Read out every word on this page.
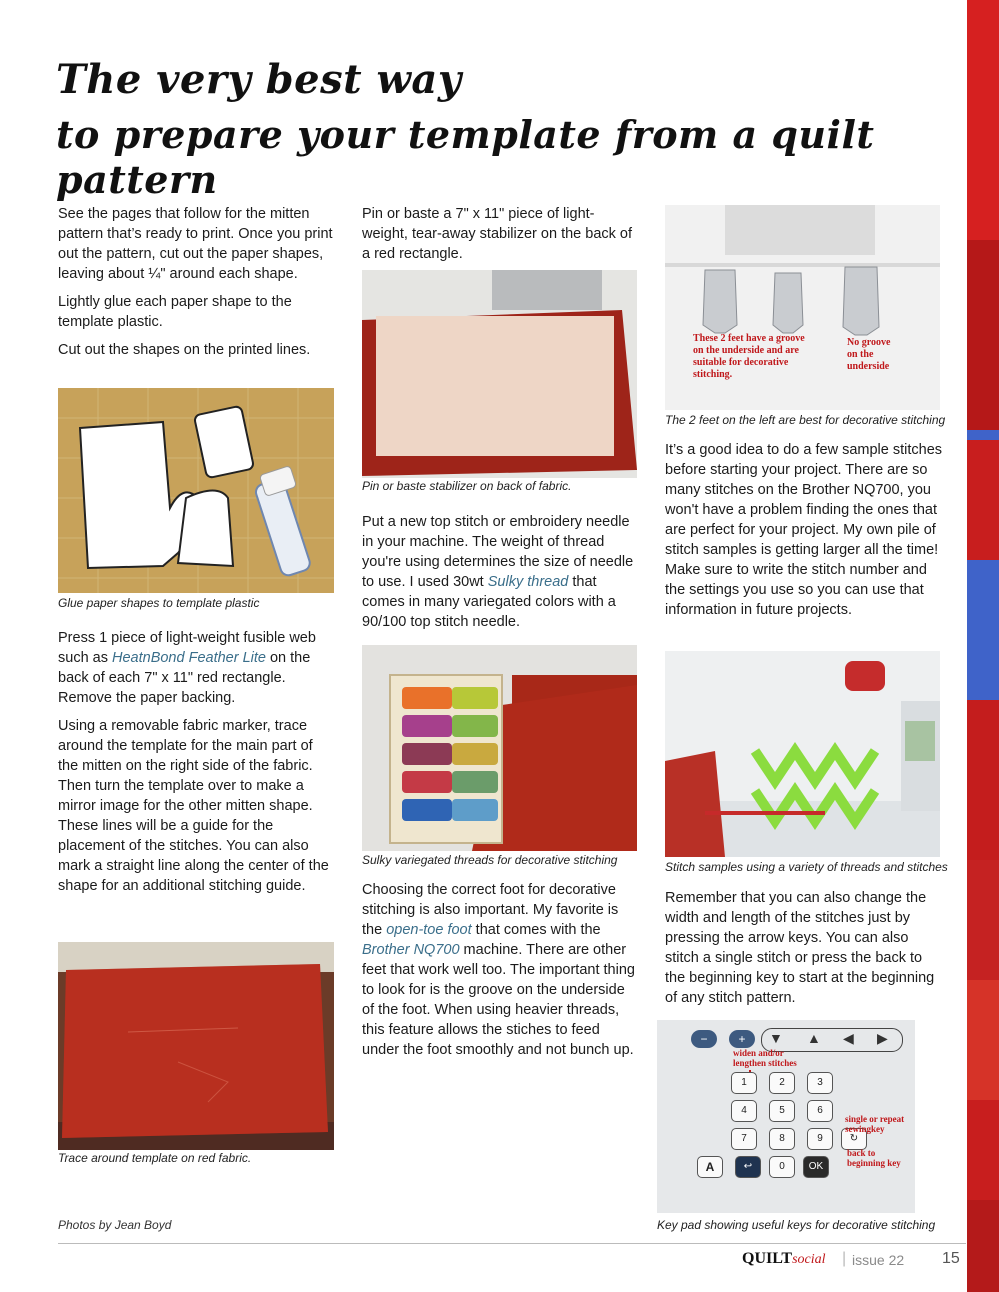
The very best way
to prepare your template from a quilt pattern

See the pages that follow for the mitten pattern that’s ready to print. Once you print out the pattern, cut out the paper shapes, leaving about ¼" around each shape.

Lightly glue each paper shape to the template plastic.

Cut out the shapes on the printed lines.

Glue paper shapes to template plastic

Press 1 piece of light-weight fusible web such as HeatnBond Feather Lite on the back of each 7" x 11" red rectangle. Remove the paper backing.

Using a removable fabric marker, trace around the template for the main part of the mitten on the right side of the fabric. Then turn the template over to make a mirror image for the other mitten shape. These lines will be a guide for the placement of the stitches. You can also mark a straight line along the center of the shape for an additional stitching guide.

Trace around template on red fabric.

Pin or baste a 7" x 11" piece of light-weight, tear-away stabilizer on the back of a red rectangle.

Pin or baste stabilizer on back of fabric.

Put a new top stitch or embroidery needle in your machine. The weight of thread you're using determines the size of needle to use. I used 30wt Sulky thread that comes in many variegated colors with a 90/100 top stitch needle.

Sulky variegated threads for decorative stitching

Choosing the correct foot for decorative stitching is also important. My favorite is the open-toe foot that comes with the Brother NQ700 machine. There are other feet that work well too. The important thing to look for is the groove on the underside of the foot. When using heavier threads, this feature allows the stiches to feed under the foot smoothly and not bunch up.

These 2 feet have a groove on the underside and are suitable for decorative stitching.
No groove on the underside
The 2 feet on the left are best for decorative stitching

It’s a good idea to do a few sample stitches before starting your project. There are so many stitches on the Brother NQ700, you won't have a problem finding the ones that are perfect for your project. My own pile of stitch samples is getting larger all the time! Make sure to write the stitch number and the settings you use so you can use that information in future projects.

Stitch samples using a variety of threads and stitches

Remember that you can also change the width and length of the stitches just by pressing the arrow keys. You can also stitch a single stitch or press the back to the beginning key to start at the beginning of any stitch pattern.

−	+	▼ ▲ ◀ ▶
widen and/or lengthen stitches
1	2	3
4	5	6
7	8	9
0	OK
A	↩
↻
single or repeat sewingkey
back to beginning key
Key pad showing useful keys for decorative stitching
Photos by Jean Boyd
QUILTsocial | issue 22 15
